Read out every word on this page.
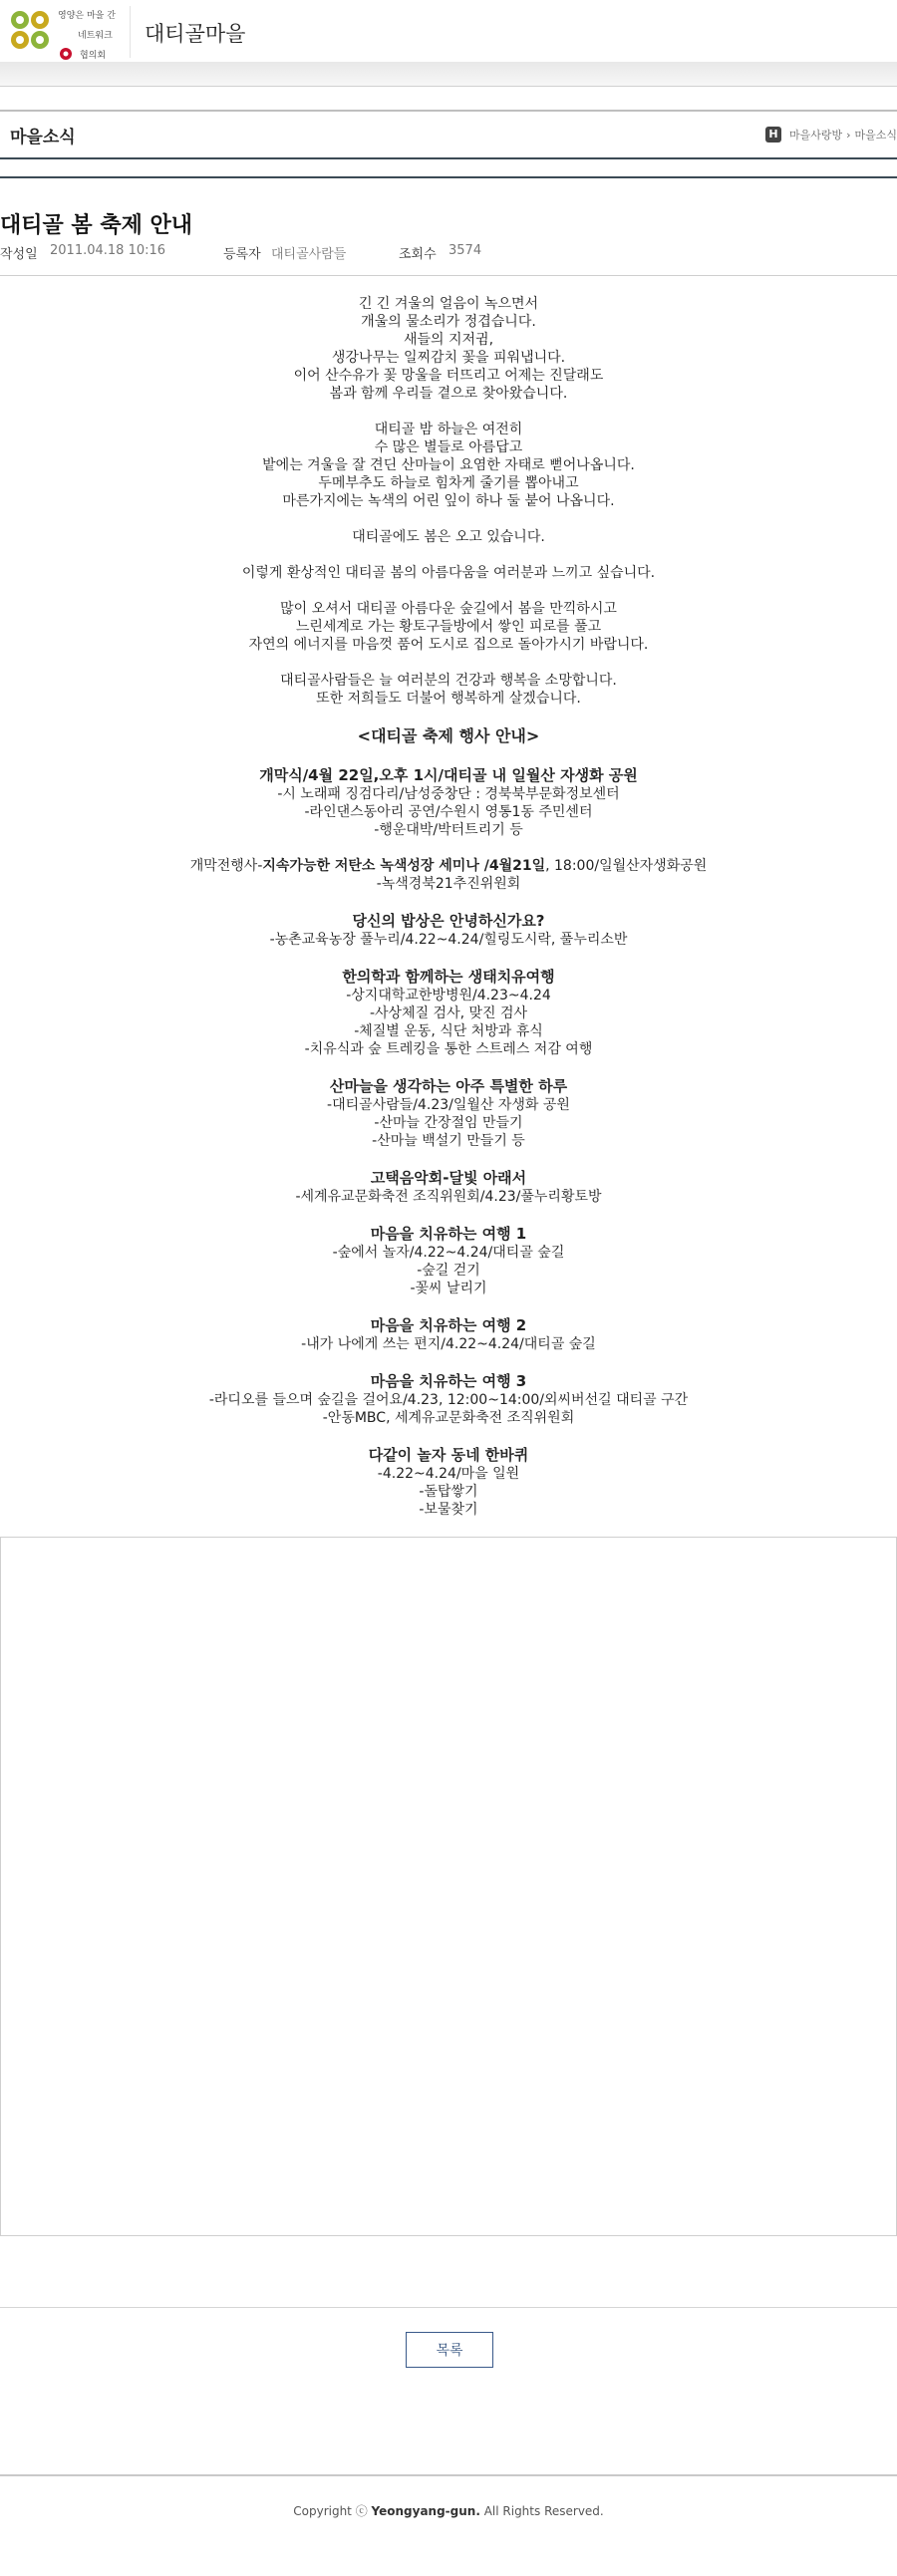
영양은 마을 간
네트워크
협의회
대티골마을
마을소식	H	마을사랑방 › 마을소식
대티골 봄 축제 안내
작성일 2011.04.18 10:16	등록자 대티골사람들	조회수 3574
긴 긴 겨울의 얼음이 녹으면서
개울의 물소리가 정겹습니다.
새들의 지저귐,
생강나무는 일찌감치 꽃을 피워냅니다.
이어 산수유가 꽃 망울을 터뜨리고 어제는 진달래도
봄과 함께 우리들 곁으로 찾아왔습니다.
대티골 밤 하늘은 여전히
수 많은 별들로 아름답고
밭에는 겨울을 잘 견딘 산마늘이 요염한 자태로 뻗어나옵니다.
두메부추도 하늘로 힘차게 줄기를 뽑아내고
마른가지에는 녹색의 어린 잎이 하나 둘 붙어 나옵니다.
대티골에도 봄은 오고 있습니다.
이렇게 환상적인 대티골 봄의 아름다움을 여러분과 느끼고 싶습니다.
많이 오셔서 대티골 아름다운 숲길에서 봄을 만끽하시고
느린세계로 가는 황토구들방에서 쌓인 피로를 풀고
자연의 에너지를 마음껏 품어 도시로 집으로 돌아가시기 바랍니다.
대티골사람들은 늘 여러분의 건강과 행복을 소망합니다.
또한 저희들도 더불어 행복하게 살겠습니다.
<대티골 축제 행사 안내>
개막식/4월 22일,오후 1시/대티골 내 일월산 자생화 공원
-시 노래패 징검다리/남성중창단 : 경북북부문화정보센터
-라인댄스동아리 공연/수원시 영통1동 주민센터
-행운대박/박터트리기 등
개막전행사-지속가능한 저탄소 녹색성장 세미나 /4월21일, 18:00/일월산자생화공원
-녹색경북21추진위원회
당신의 밥상은 안녕하신가요?
-농촌교육농장 풀누리/4.22~4.24/힐링도시락, 풀누리소반
한의학과 함께하는 생태치유여행
-상지대학교한방병원/4.23~4.24
-사상체질 검사, 맞진 검사
-체질별 운동, 식단 처방과 휴식
-치유식과 숲 트레킹을 통한 스트레스 저감 여행
산마늘을 생각하는 아주 특별한 하루
-대티골사람들/4.23/일월산 자생화 공원
-산마늘 간장절임 만들기
-산마늘 백설기 만들기 등
고택음악회-달빛 아래서
-세계유교문화축전 조직위원회/4.23/풀누리황토방
마음을 치유하는 여행 1
-숲에서 놀자/4.22~4.24/대티골 숲길
-숲길 걷기
-꽃씨 날리기
마음을 치유하는 여행 2
-내가 나에게 쓰는 편지/4.22~4.24/대티골 숲길
마음을 치유하는 여행 3
-라디오를 들으며 숲길을 걸어요/4.23, 12:00~14:00/외씨버선길 대티골 구간
-안동MBC, 세계유교문화축전 조직위원회
다같이 놀자 동네 한바퀴
-4.22~4.24/마을 일원
-돌탑쌓기
-보물찾기
목록
Copyright ⓒ Yeongyang-gun. All Rights Reserved.
